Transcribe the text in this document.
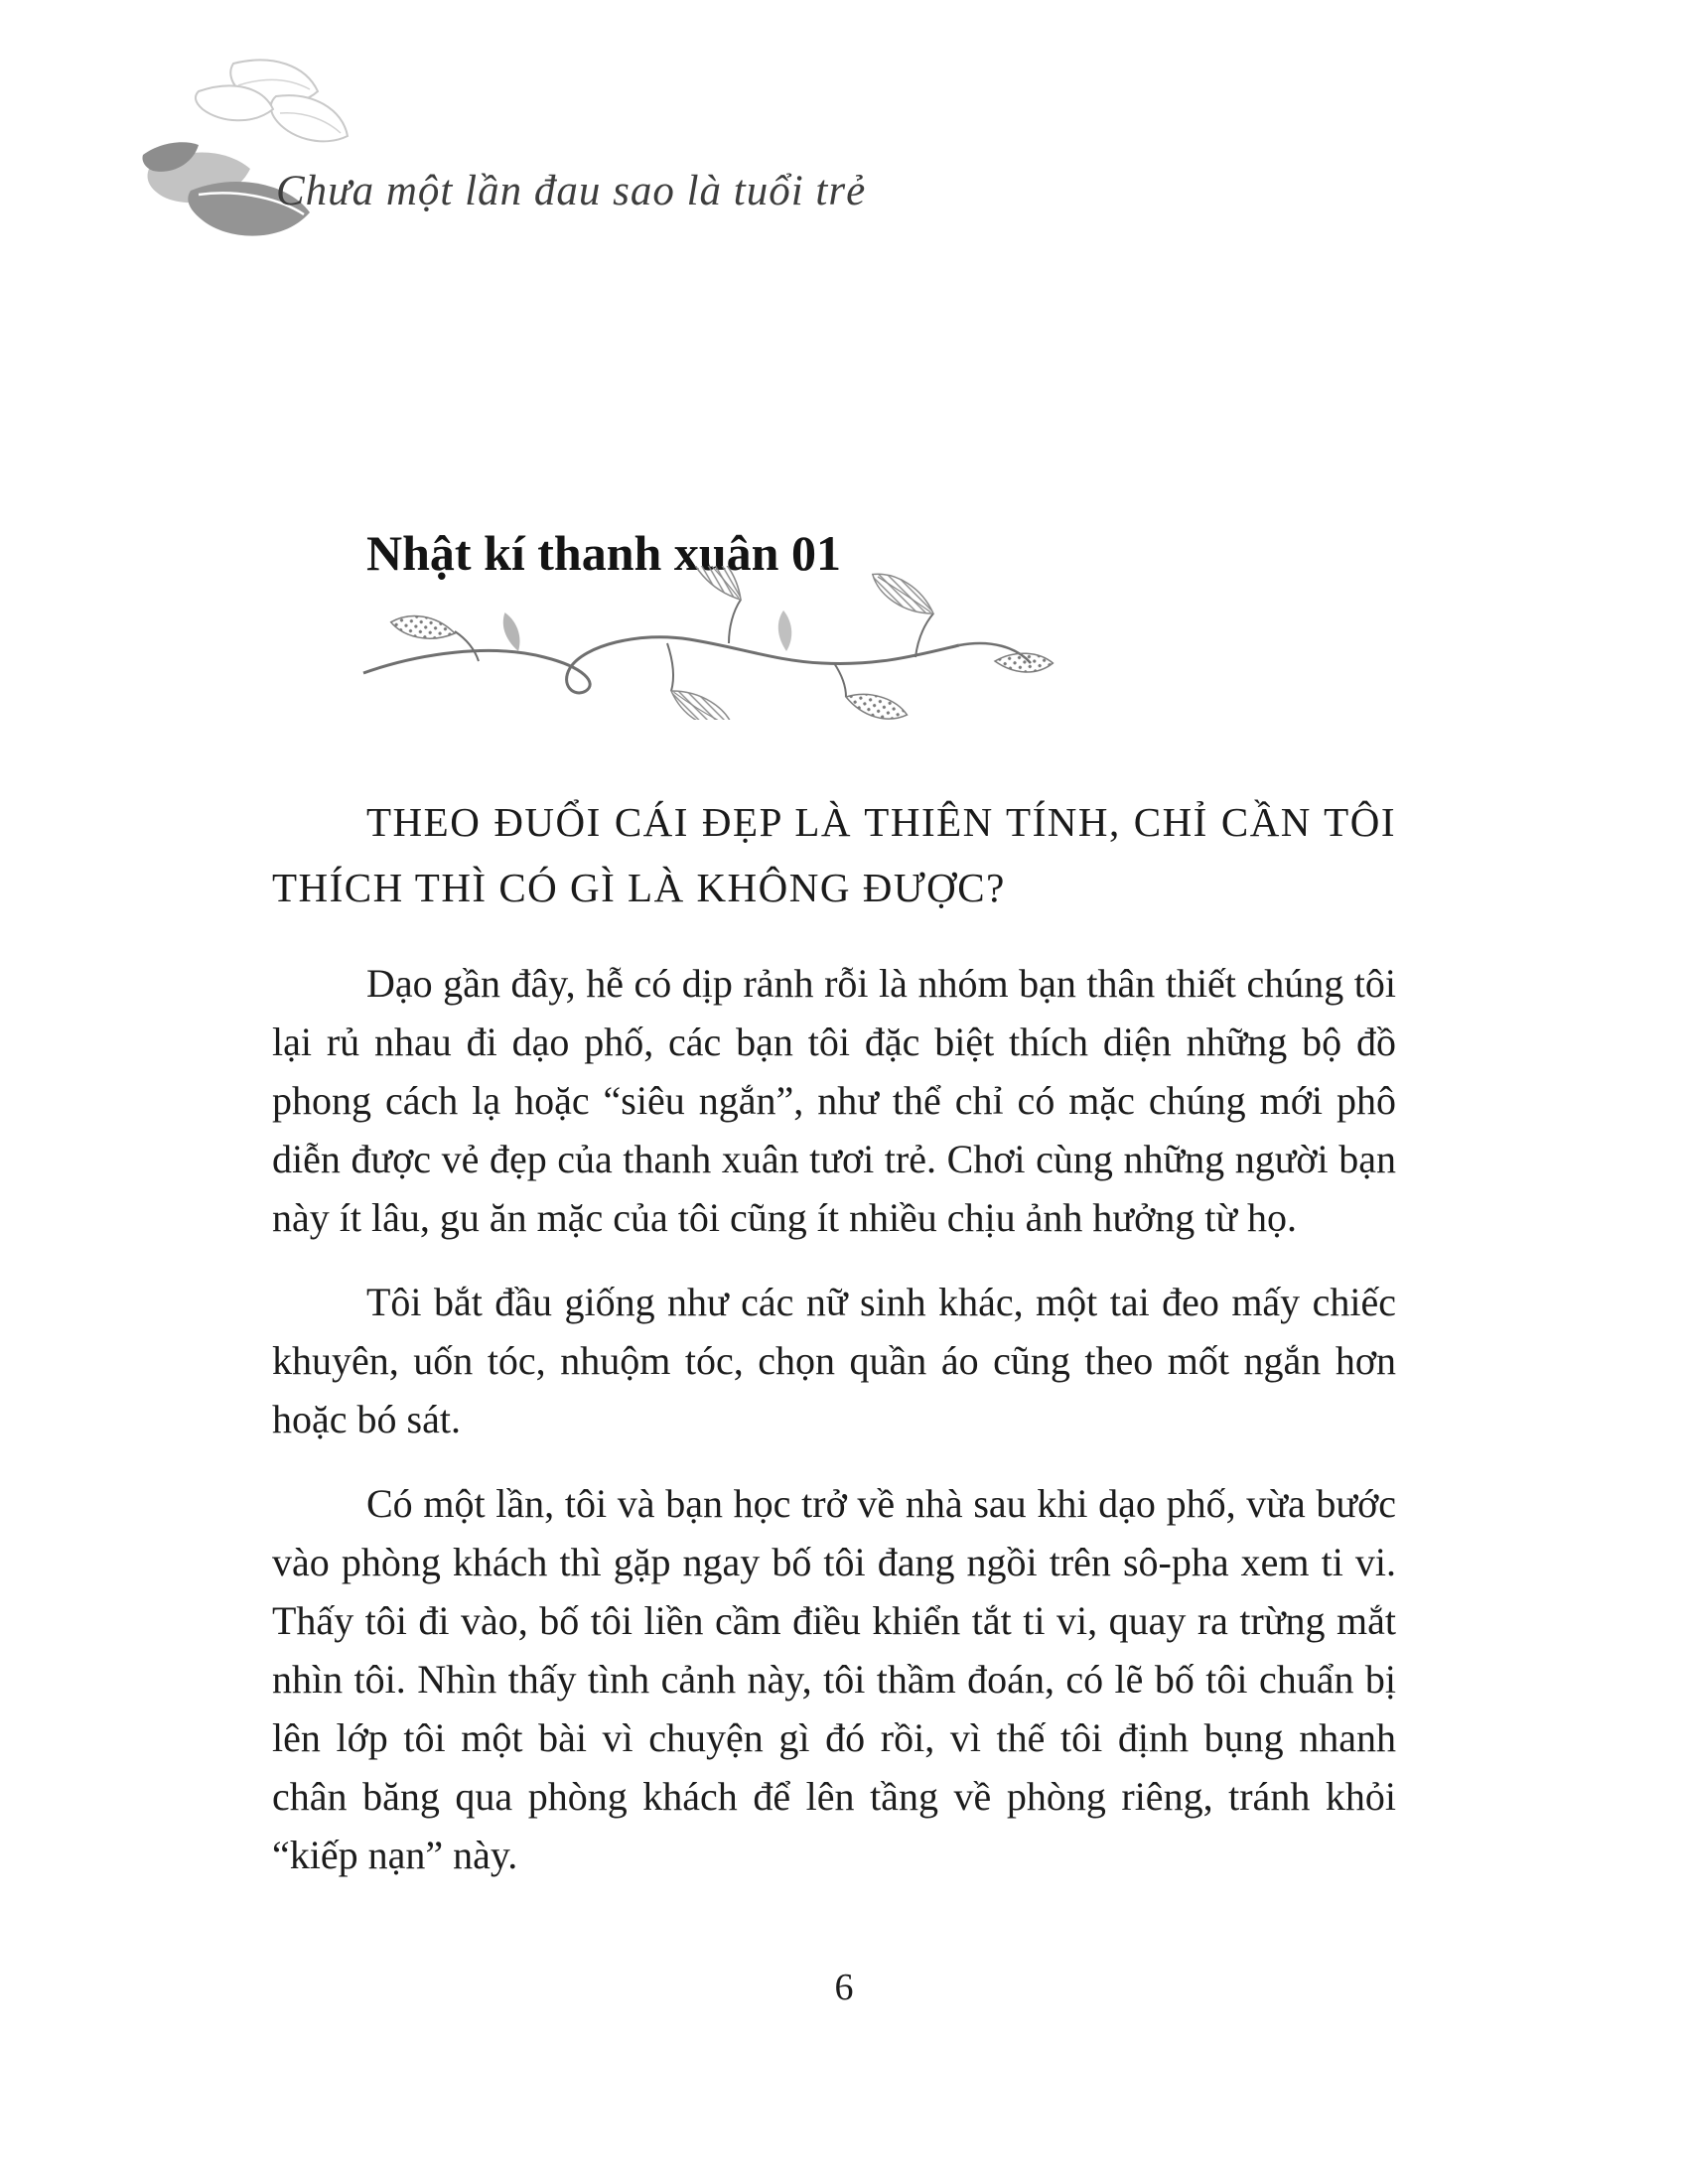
Chưa một lần đau sao là tuổi trẻ
Nhật kí thanh xuân 01
THEO ĐUỔI CÁI ĐẸP LÀ THIÊN TÍNH, CHỈ CẦN TÔI THÍCH THÌ CÓ GÌ LÀ KHÔNG ĐƯỢC?

Dạo gần đây, hễ có dịp rảnh rỗi là nhóm bạn thân thiết chúng tôi lại rủ nhau đi dạo phố, các bạn tôi đặc biệt thích diện những bộ đồ phong cách lạ hoặc “siêu ngắn”, như thể chỉ có mặc chúng mới phô diễn được vẻ đẹp của thanh xuân tươi trẻ. Chơi cùng những người bạn này ít lâu, gu ăn mặc của tôi cũng ít nhiều chịu ảnh hưởng từ họ.

Tôi bắt đầu giống như các nữ sinh khác, một tai đeo mấy chiếc khuyên, uốn tóc, nhuộm tóc, chọn quần áo cũng theo mốt ngắn hơn hoặc bó sát.

Có một lần, tôi và bạn học trở về nhà sau khi dạo phố, vừa bước vào phòng khách thì gặp ngay bố tôi đang ngồi trên sô-pha xem ti vi. Thấy tôi đi vào, bố tôi liền cầm điều khiển tắt ti vi, quay ra trừng mắt nhìn tôi. Nhìn thấy tình cảnh này, tôi thầm đoán, có lẽ bố tôi chuẩn bị lên lớp tôi một bài vì chuyện gì đó rồi, vì thế tôi định bụng nhanh chân băng qua phòng khách để lên tầng về phòng riêng, tránh khỏi “kiếp nạn” này.

6
